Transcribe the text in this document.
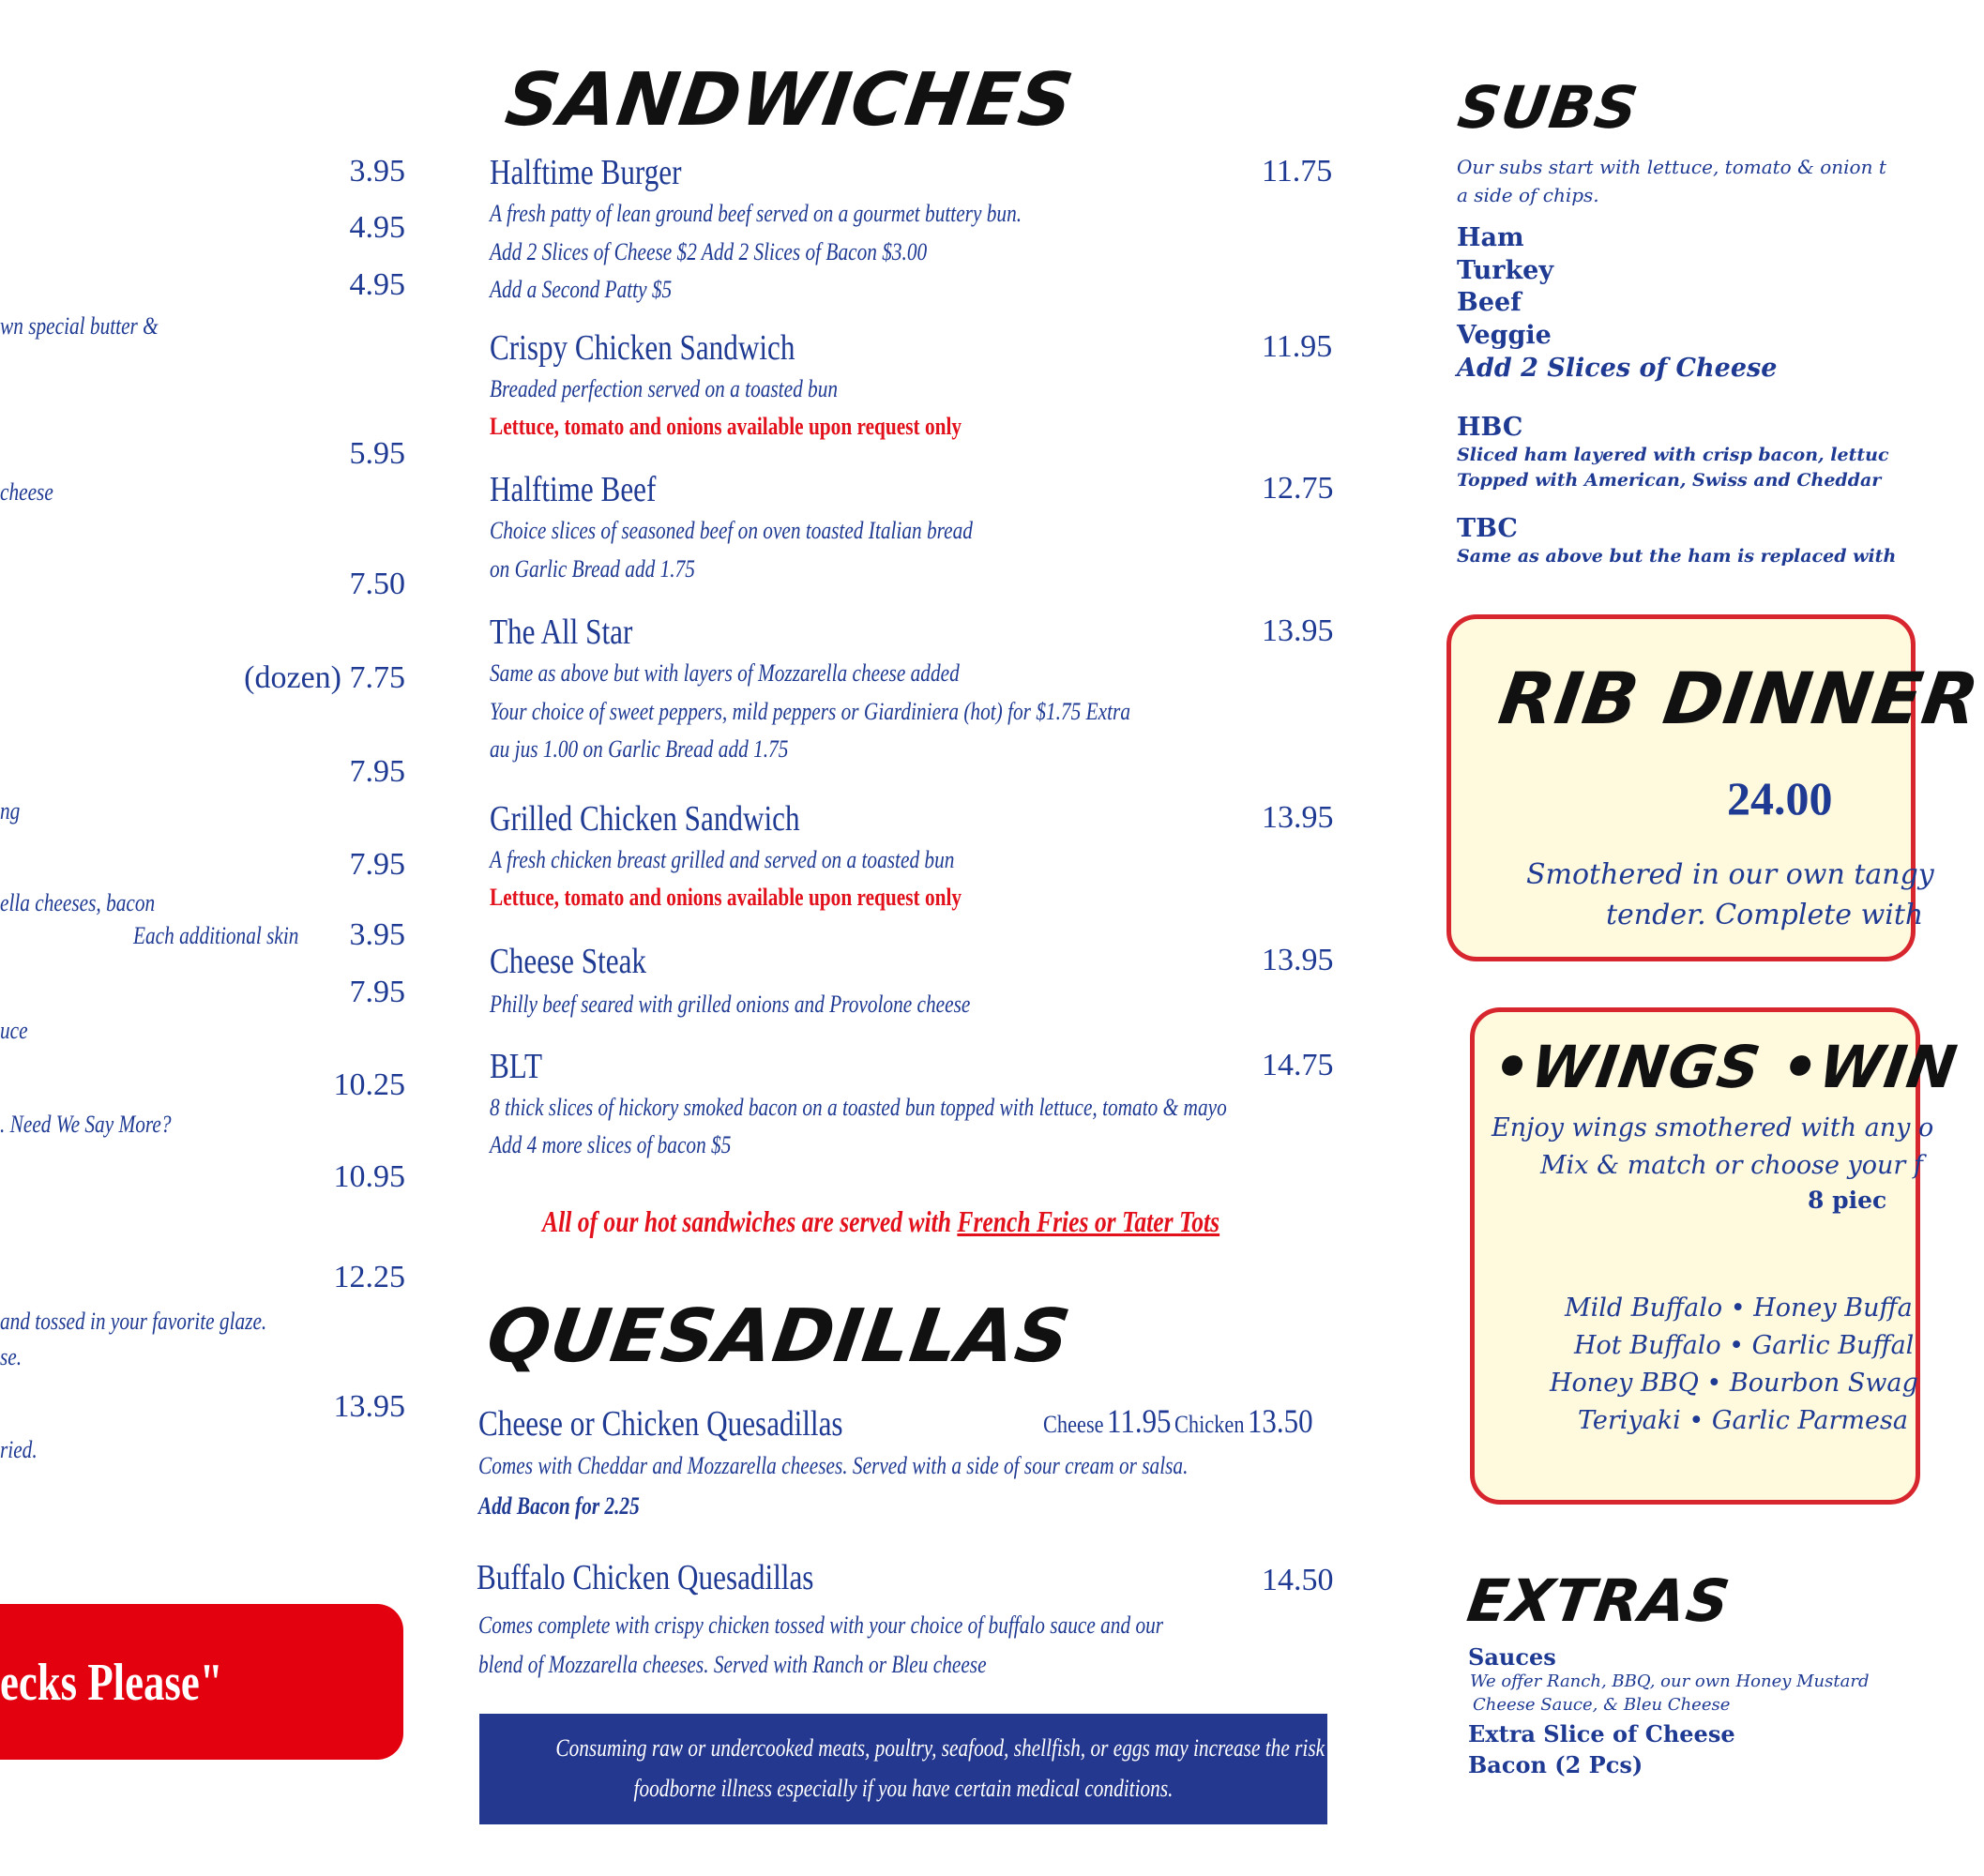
3.95
4.95
4.95
wn special butter &
5.95
cheese
7.50
(dozen) 7.75
7.95
ng
7.95
ella cheeses, bacon
Each additional skin 3.95
7.95
uce
10.25
. Need We Say More?
10.95
12.25
and tossed in your favorite glaze.
se.
13.95
ried.
ecks Please"
SANDWICHES
Halftime Burger	11.75
A fresh patty of lean ground beef served on a gourmet buttery bun.
Add 2 Slices of Cheese $2 Add 2 Slices of Bacon $3.00
Add a Second Patty $5
Crispy Chicken Sandwich	11.95
Breaded perfection served on a toasted bun
Lettuce, tomato and onions available upon request only
Halftime Beef	12.75
Choice slices of seasoned beef on oven toasted Italian bread
on Garlic Bread add 1.75
The All Star	13.95
Same as above but with layers of Mozzarella cheese added
Your choice of sweet peppers, mild peppers or Giardiniera (hot) for $1.75 Extra
au jus 1.00 on Garlic Bread add 1.75
Grilled Chicken Sandwich	13.95
A fresh chicken breast grilled and served on a toasted bun
Lettuce, tomato and onions available upon request only
Cheese Steak	13.95
Philly beef seared with grilled onions and Provolone cheese
BLT	14.75
8 thick slices of hickory smoked bacon on a toasted bun topped with lettuce, tomato & mayo
Add 4 more slices of bacon $5
All of our hot sandwiches are served with French Fries or Tater Tots
QUESADILLAS
Cheese or Chicken Quesadillas	Cheese 11.95 Chicken 13.50
Comes with Cheddar and Mozzarella cheeses. Served with a side of sour cream or salsa.
Add Bacon for 2.25
Buffalo Chicken Quesadillas	14.50
Comes complete with crispy chicken tossed with your choice of buffalo sauce and our
blend of Mozzarella cheeses. Served with Ranch or Bleu cheese
Consuming raw or undercooked meats, poultry, seafood, shellfish, or eggs may increase the risk of
foodborne illness especially if you have certain medical conditions.
SUBS
Our subs start with lettuce, tomato & onion t
a side of chips.
Ham
Turkey
Beef
Veggie
Add 2 Slices of Cheese
HBC
Sliced ham layered with crisp bacon, lettuc
Topped with American, Swiss and Cheddar
TBC
Same as above but the ham is replaced with
RIB DINNER
24.00
Smothered in our own tangy
tender. Complete with
•WINGS •WIN
Enjoy wings smothered with any o
Mix & match or choose your f
8 piec
Mild Buffalo • Honey Buffa
Hot Buffalo • Garlic Buffal
Honey BBQ • Bourbon Swag
Teriyaki • Garlic Parmesa
EXTRAS
Sauces
We offer Ranch, BBQ, our own Honey Mustard
Cheese Sauce, & Bleu Cheese
Extra Slice of Cheese
Bacon (2 Pcs)
